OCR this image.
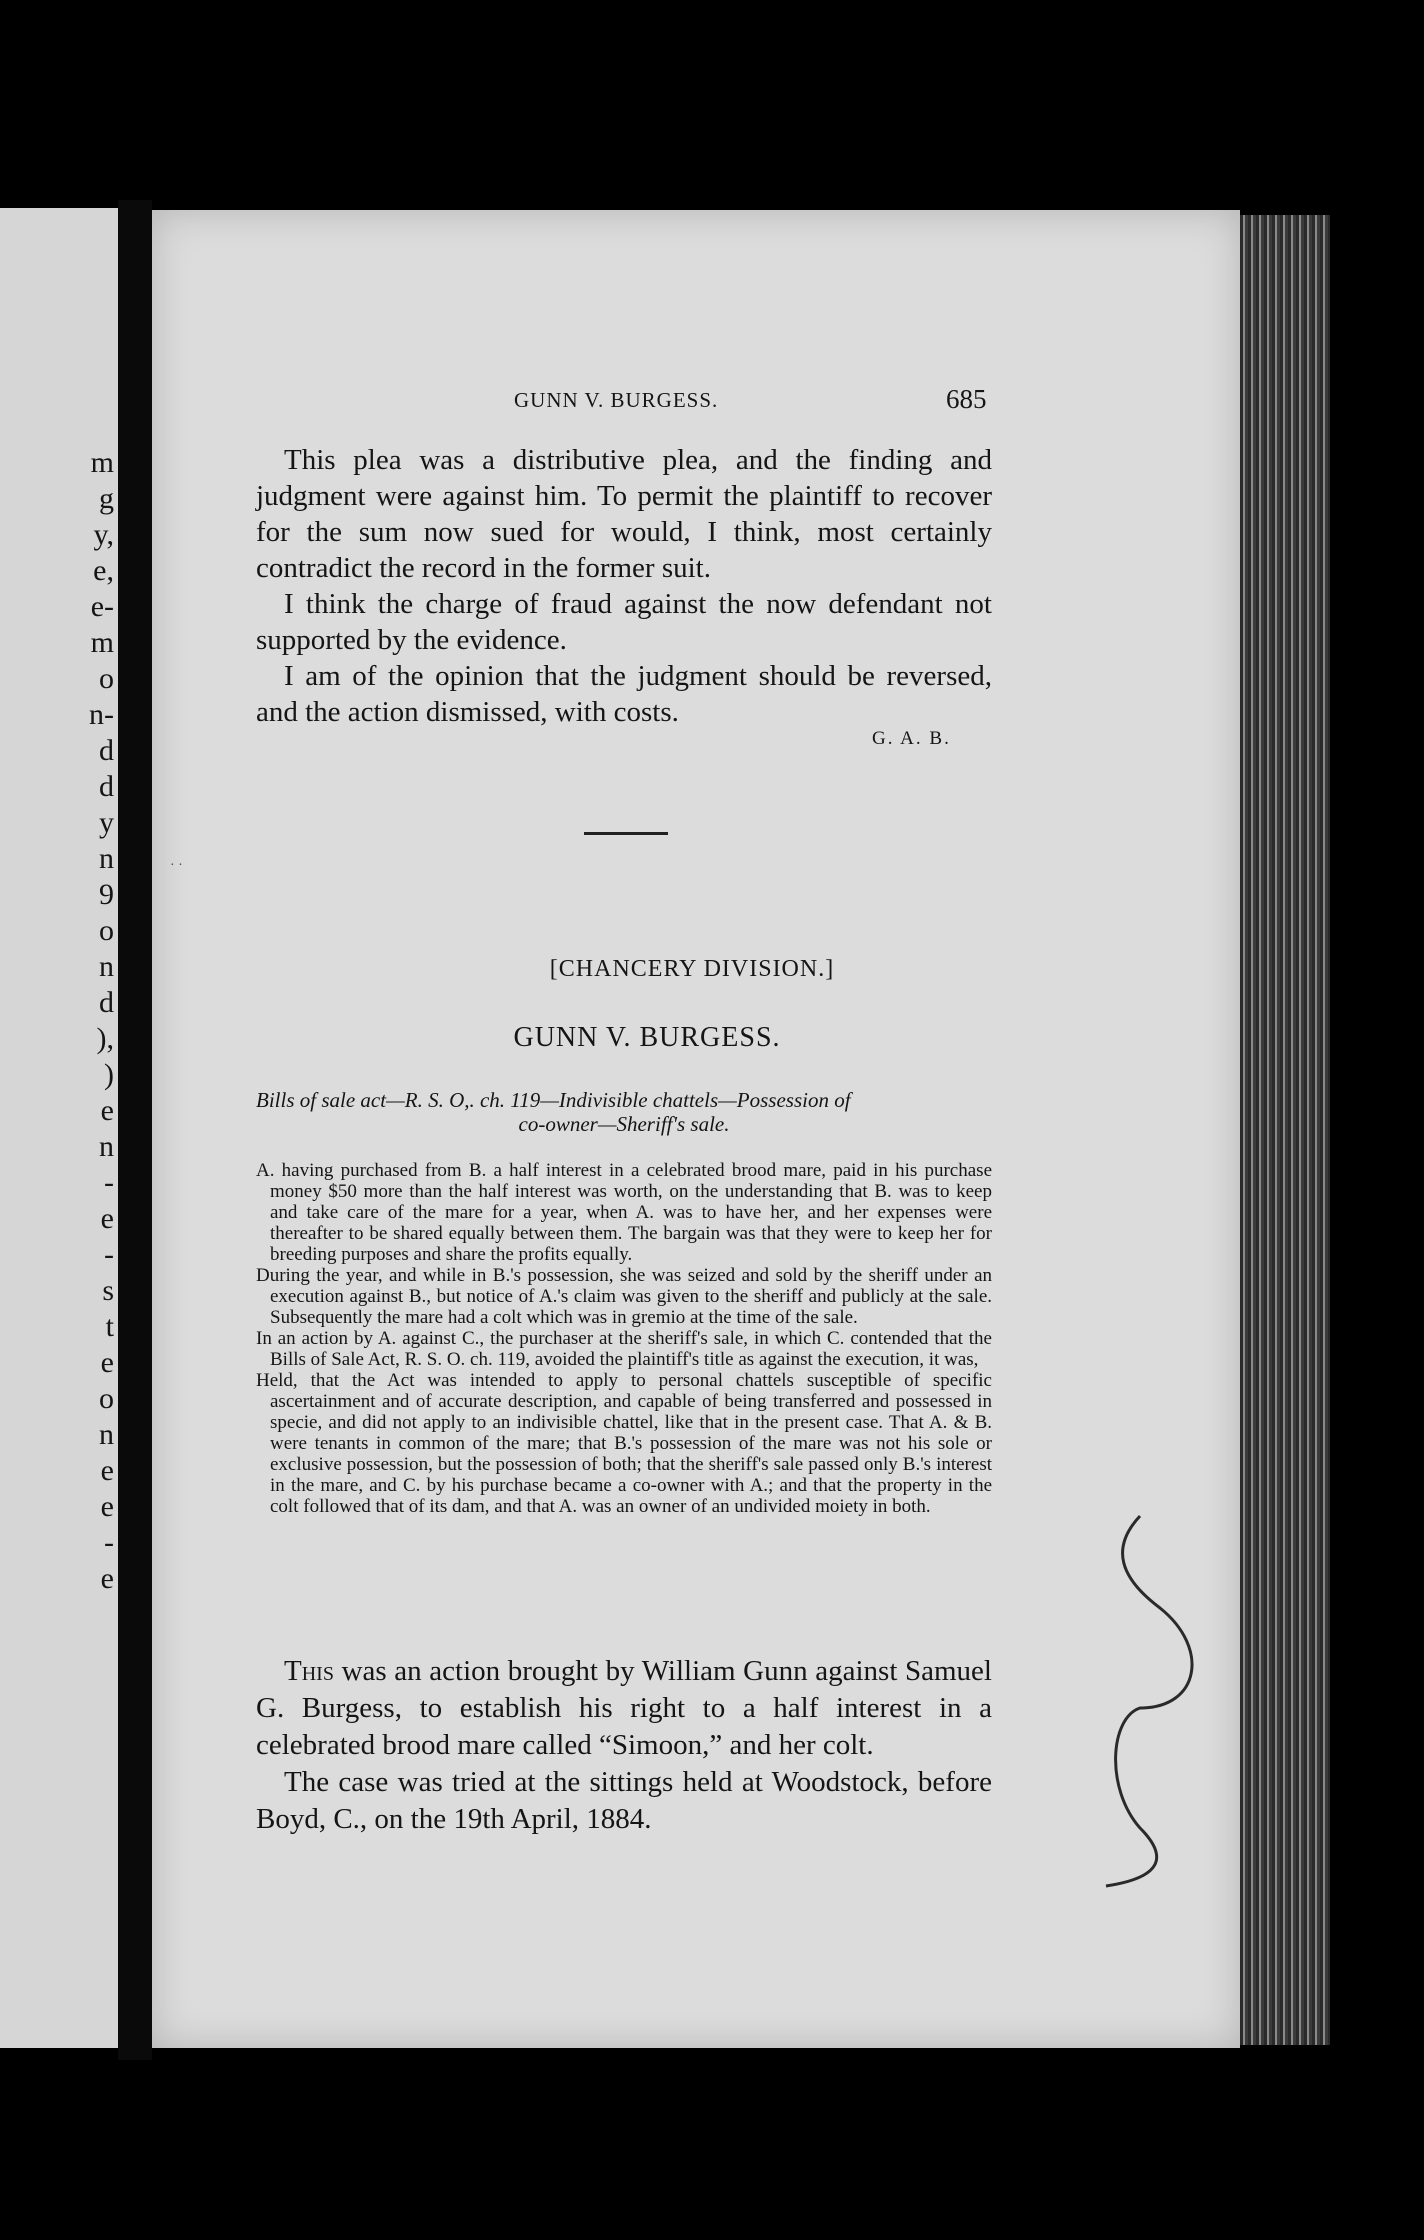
m
g
y,
e,
e-
m
o
n-
d
d
y
n
9
o
n
d
),
)
e
n
-
e
-
s
t
e
o
n
e
e
-
e
GUNN V. BURGESS.	685

This plea was a distributive plea, and the finding and judgment were against him. To permit the plaintiff to recover for the sum now sued for would, I think, most certainly contradict the record in the former suit.

I think the charge of fraud against the now defendant not supported by the evidence.

I am of the opinion that the judgment should be reversed, and the action dismissed, with costs.

G. A. B.
· ·
[CHANCERY DIVISION.]
GUNN V. BURGESS.
Bills of sale act—R. S. O,. ch. 119—Indivisible chattels—Possession of
co-owner—Sheriff's sale.

A. having purchased from B. a half interest in a celebrated brood mare, paid in his purchase money $50 more than the half interest was worth, on the understanding that B. was to keep and take care of the mare for a year, when A. was to have her, and her expenses were thereafter to be shared equally between them. The bargain was that they were to keep her for breeding purposes and share the profits equally.

During the year, and while in B.'s possession, she was seized and sold by the sheriff under an execution against B., but notice of A.'s claim was given to the sheriff and publicly at the sale. Subsequently the mare had a colt which was in gremio at the time of the sale.

In an action by A. against C., the purchaser at the sheriff's sale, in which C. contended that the Bills of Sale Act, R. S. O. ch. 119, avoided the plaintiff's title as against the execution, it was,

Held, that the Act was intended to apply to personal chattels susceptible of specific ascertainment and of accurate description, and capable of being transferred and possessed in specie, and did not apply to an indivisible chattel, like that in the present case. That A. & B. were tenants in common of the mare; that B.'s possession of the mare was not his sole or exclusive possession, but the possession of both; that the sheriff's sale passed only B.'s interest in the mare, and C. by his purchase became a co-owner with A.; and that the property in the colt followed that of its dam, and that A. was an owner of an undivided moiety in both.

This was an action brought by William Gunn against Samuel G. Burgess, to establish his right to a half interest in a celebrated brood mare called “Simoon,” and her colt.

The case was tried at the sittings held at Woodstock, before Boyd, C., on the 19th April, 1884.
